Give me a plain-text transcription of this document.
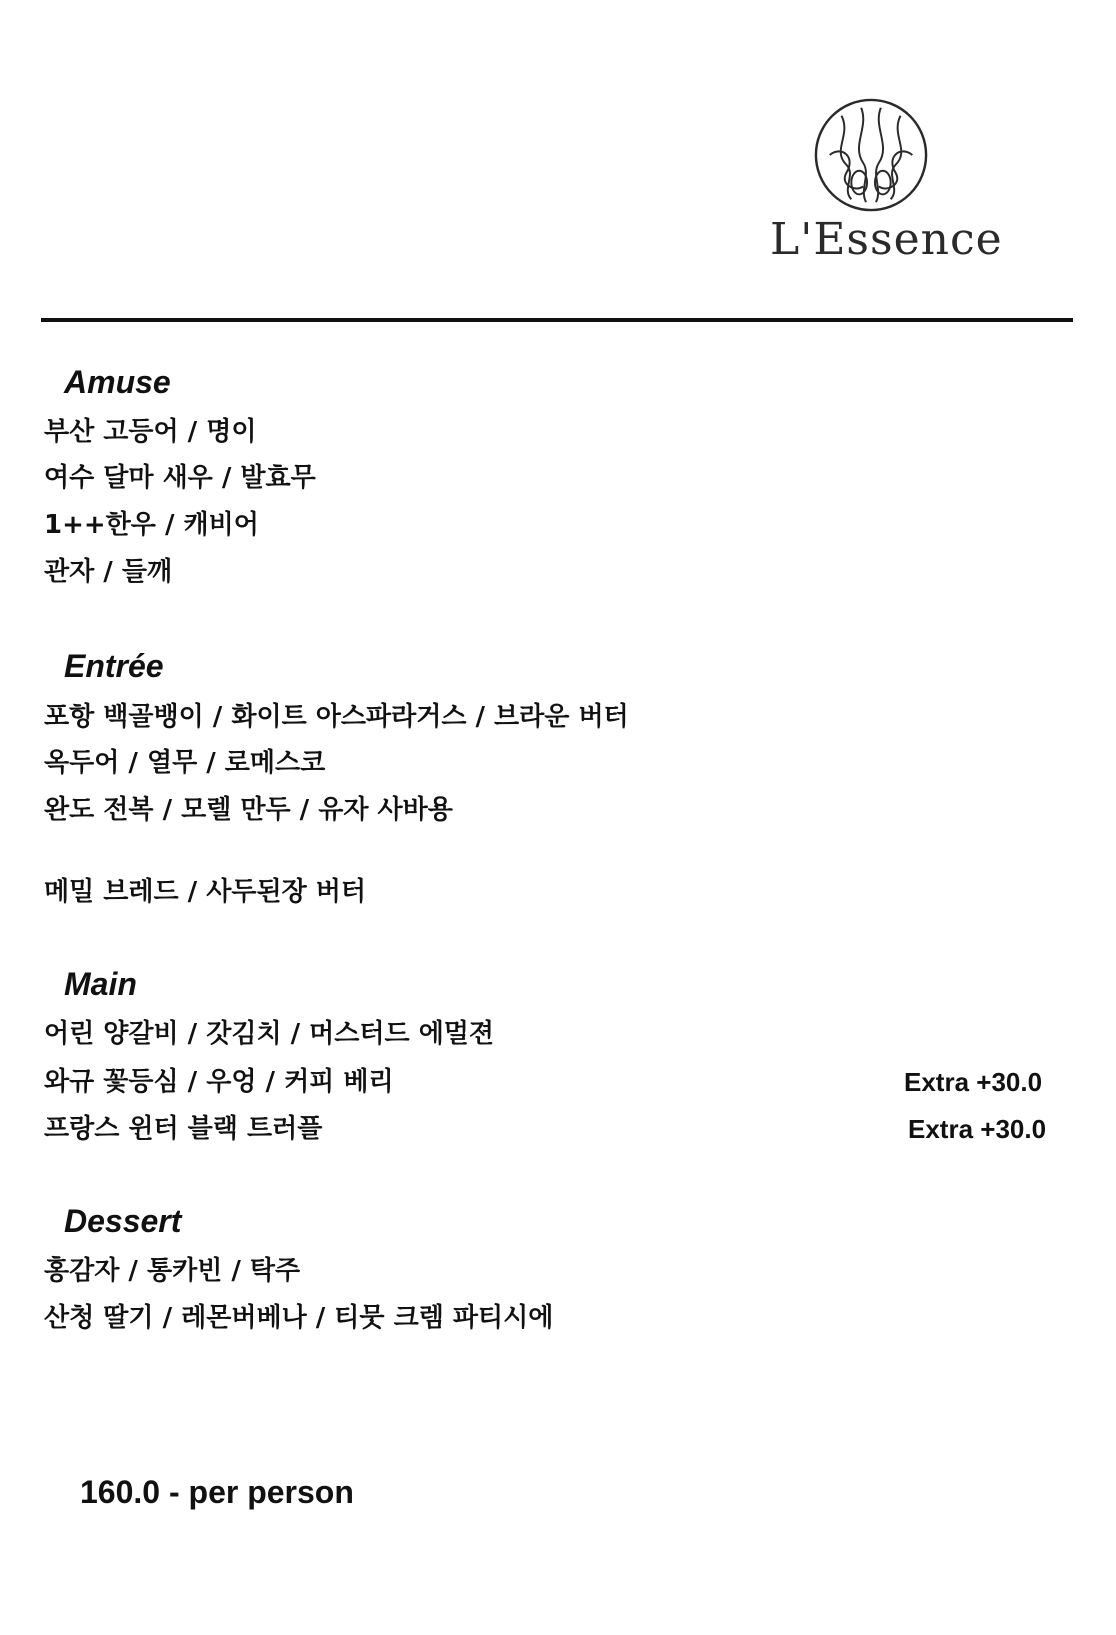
L'Essence
Amuse
부산 고등어 / 명이
여수 달마 새우 / 발효무
1++한우 / 캐비어
관자 / 들깨
Entrée
포항 백골뱅이 / 화이트 아스파라거스 / 브라운 버터
옥두어 / 열무 / 로메스코
완도 전복 / 모렐 만두 / 유자 사바용
메밀 브레드 / 사두된장 버터
Main
어린 양갈비 / 갓김치 / 머스터드 에멀젼
와규 꽃등심 / 우엉 / 커피 베리	Extra +30.0
프랑스 윈터 블랙 트러플	Extra +30.0
Dessert
홍감자 / 통카빈 / 탁주
산청 딸기 / 레몬버베나 / 티뭇 크렘 파티시에
160.0 - per person
